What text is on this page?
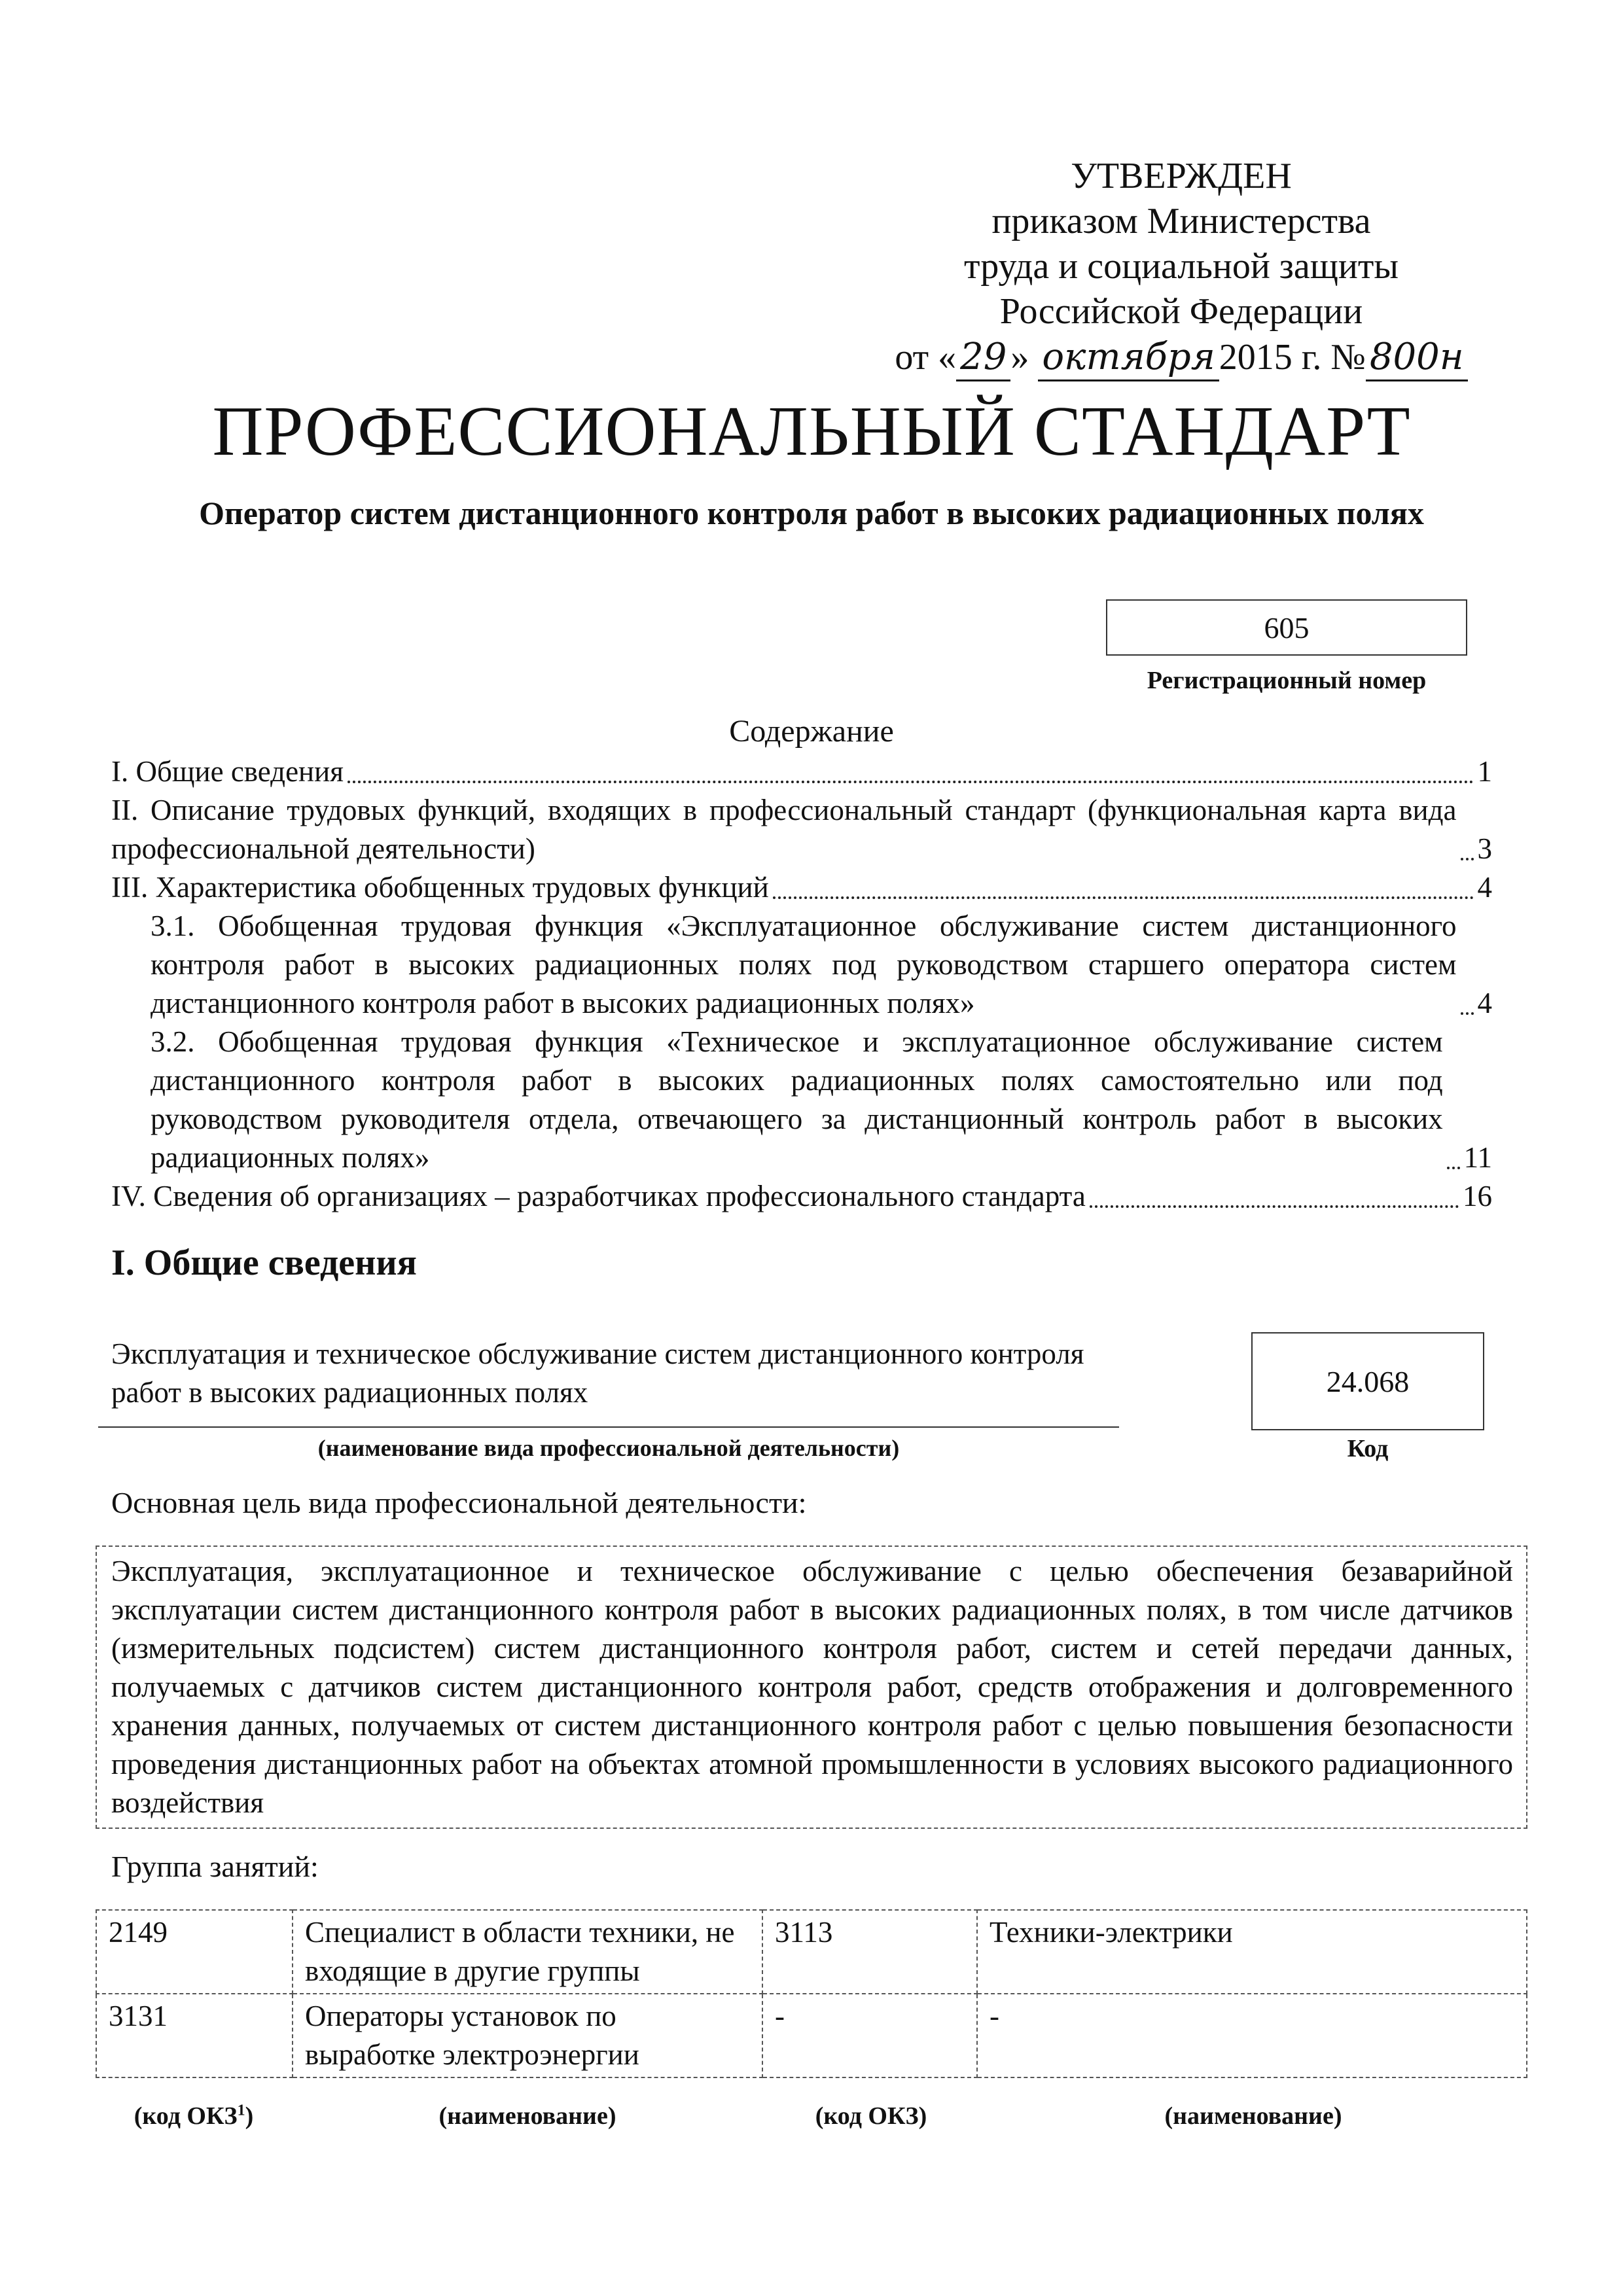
УТВЕРЖДЕН
приказом Министерства
труда и социальной защиты
Российской Федерации
от « 29 » октября 2015 г. № 800н
ПРОФЕССИОНАЛЬНЫЙ СТАНДАРТ
Оператор систем дистанционного контроля работ в высоких радиационных полях
605
Регистрационный номер
Содержание
I. Общие сведения	1
II. Описание трудовых функций, входящих в профессиональный стандарт (функциональная карта вида профессиональной деятельности)	3
III. Характеристика обобщенных трудовых функций	4
3.1. Обобщенная трудовая функция «Эксплуатационное обслуживание систем дистанционного контроля работ в высоких радиационных полях под руководством старшего оператора систем дистанционного контроля работ в высоких радиационных полях»	4
3.2. Обобщенная трудовая функция «Техническое и эксплуатационное обслуживание систем дистанционного контроля работ в высоких радиационных полях самостоятельно или под руководством руководителя отдела, отвечающего за дистанционный контроль работ в высоких радиационных полях»	11
IV. Сведения об организациях – разработчиках профессионального стандарта	16
I. Общие сведения
Эксплуатация и техническое обслуживание систем дистанционного контроля работ в высоких радиационных полях
(наименование вида профессиональной деятельности)
24.068
Код
Основная цель вида профессиональной деятельности:
Эксплуатация, эксплуатационное и техническое обслуживание с целью обеспечения безаварийной эксплуатации систем дистанционного контроля работ в высоких радиационных полях, в том числе датчиков (измерительных подсистем) систем дистанционного контроля работ, систем и сетей передачи данных, получаемых с датчиков систем дистанционного контроля работ, средств отображения и долговременного хранения данных, получаемых от систем дистанционного контроля работ с целью повышения безопасности проведения дистанционных работ на объектах атомной промышленности в условиях высокого радиационного воздействия
Группа занятий:
2149	Специалист в области техники, не входящие в другие группы	3113	Техники-электрики
3131	Операторы установок по выработке электроэнергии	-	-
(код ОКЗ$^1$)	(наименование)	(код ОКЗ)	(наименование)
